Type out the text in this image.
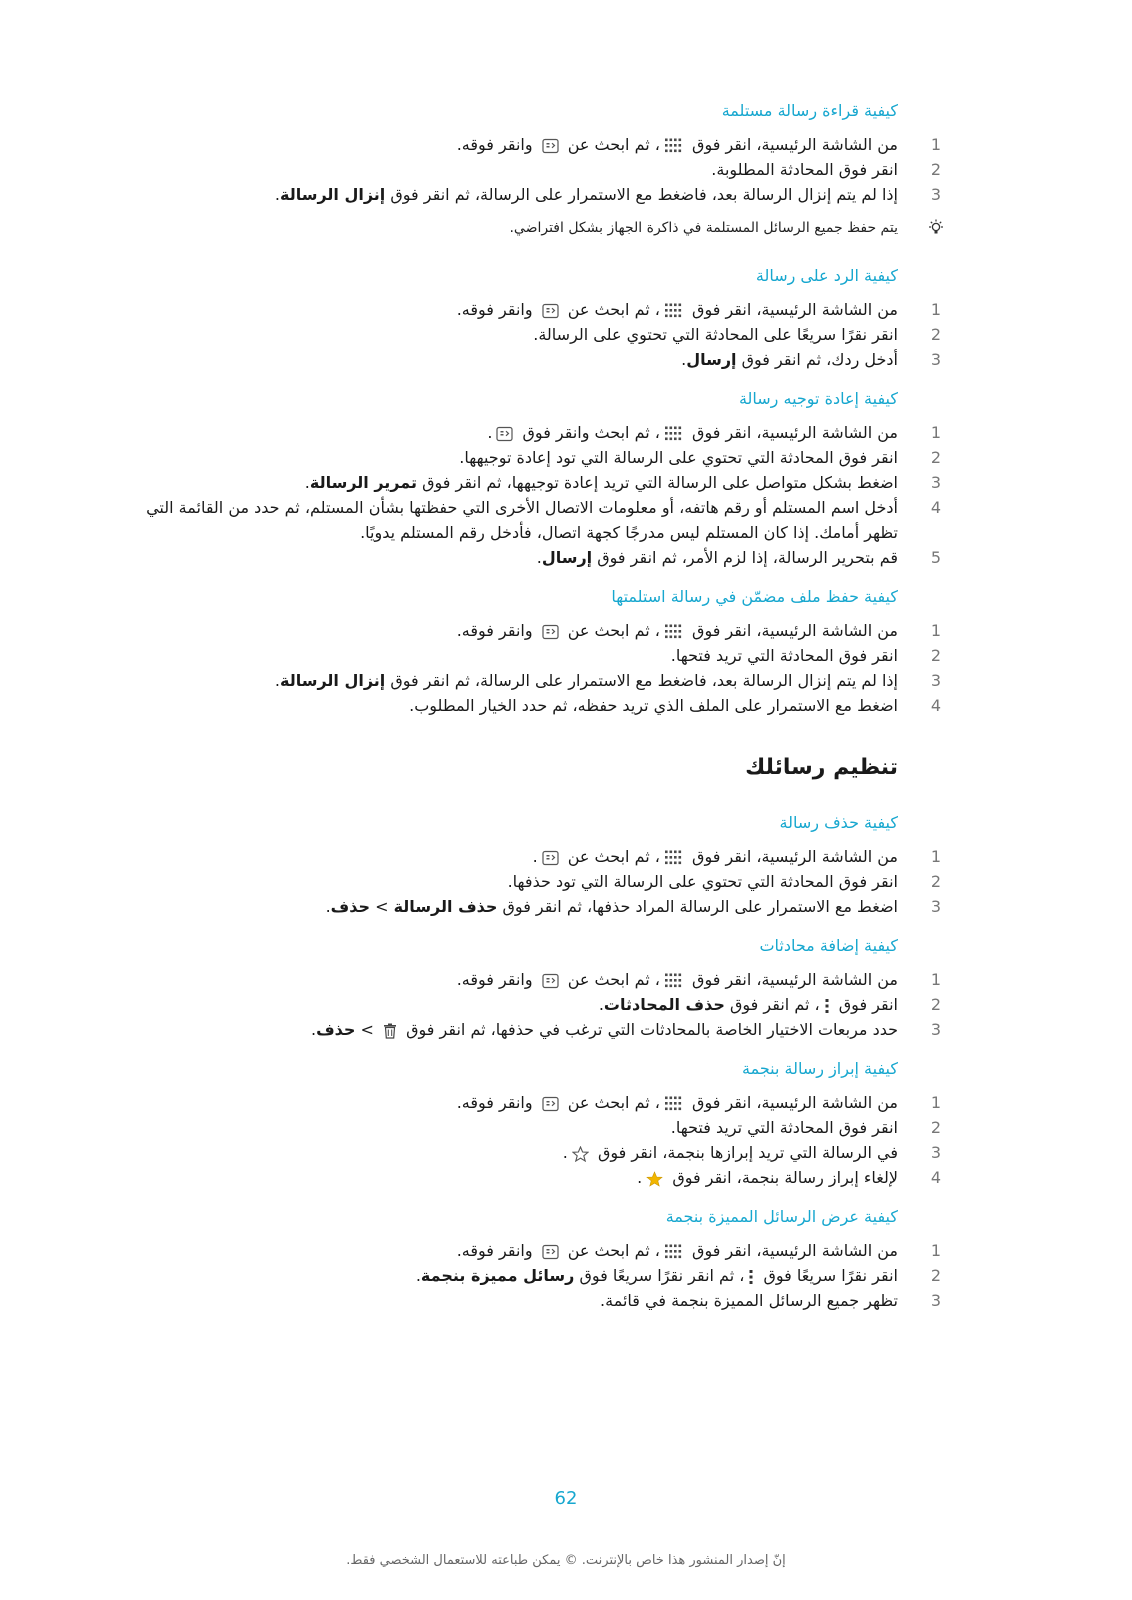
كيفية قراءة رسالة مستلمة
1
من الشاشة الرئيسية، انقر فوق ، ثم ابحث عن  وانقر فوقه.
2
انقر فوق المحادثة المطلوبة.
3
إذا لم يتم إنزال الرسالة بعد، فاضغط مع الاستمرار على الرسالة، ثم انقر فوق إنزال الرسالة.
يتم حفظ جميع الرسائل المستلمة في ذاكرة الجهاز بشكل افتراضي.
كيفية الرد على رسالة
1
من الشاشة الرئيسية، انقر فوق ، ثم ابحث عن  وانقر فوقه.
2
انقر نقرًا سريعًا على المحادثة التي تحتوي على الرسالة.
3
أدخل ردك، ثم انقر فوق إرسال.
كيفية إعادة توجيه رسالة
1
من الشاشة الرئيسية، انقر فوق ، ثم ابحث وانقر فوق .
2
انقر فوق المحادثة التي تحتوي على الرسالة التي تود إعادة توجيهها.
3
اضغط بشكل متواصل على الرسالة التي تريد إعادة توجيهها، ثم انقر فوق تمرير الرسالة.
4
أدخل اسم المستلم أو رقم هاتفه، أو معلومات الاتصال الأخرى التي حفظتها بشأن المستلم، ثم حدد من القائمة التي تظهر أمامك. إذا كان المستلم ليس مدرجًا كجهة اتصال، فأدخل رقم المستلم يدويًا.
5
قم بتحرير الرسالة، إذا لزم الأمر، ثم انقر فوق إرسال.
كيفية حفظ ملف مضمّن في رسالة استلمتها
1
من الشاشة الرئيسية، انقر فوق ، ثم ابحث عن  وانقر فوقه.
2
انقر فوق المحادثة التي تريد فتحها.
3
إذا لم يتم إنزال الرسالة بعد، فاضغط مع الاستمرار على الرسالة، ثم انقر فوق إنزال الرسالة.
4
اضغط مع الاستمرار على الملف الذي تريد حفظه، ثم حدد الخيار المطلوب.
تنظيم رسائلك
كيفية حذف رسالة
1
من الشاشة الرئيسية، انقر فوق ، ثم ابحث عن .
2
انقر فوق المحادثة التي تحتوي على الرسالة التي تود حذفها.
3
اضغط مع الاستمرار على الرسالة المراد حذفها، ثم انقر فوق حذف الرسالة > حذف.
كيفية إضافة محادثات
1
من الشاشة الرئيسية، انقر فوق ، ثم ابحث عن  وانقر فوقه.
2
انقر فوق ، ثم انقر فوق حذف المحادثات.
3
حدد مربعات الاختيار الخاصة بالمحادثات التي ترغب في حذفها، ثم انقر فوق  > حذف.
كيفية إبراز رسالة بنجمة
1
من الشاشة الرئيسية، انقر فوق ، ثم ابحث عن  وانقر فوقه.
2
انقر فوق المحادثة التي تريد فتحها.
3
في الرسالة التي تريد إبرازها بنجمة، انقر فوق .
4
لإلغاء إبراز رسالة بنجمة، انقر فوق .
كيفية عرض الرسائل المميزة بنجمة
1
من الشاشة الرئيسية، انقر فوق ، ثم ابحث عن  وانقر فوقه.
2
انقر نقرًا سريعًا فوق ، ثم انقر نقرًا سريعًا فوق رسائل مميزة بنجمة.
3
تظهر جميع الرسائل المميزة بنجمة في قائمة.
62
إنّ إصدار المنشور هذا خاص بالإنترنت. © يمكن طباعته للاستعمال الشخصي فقط.
